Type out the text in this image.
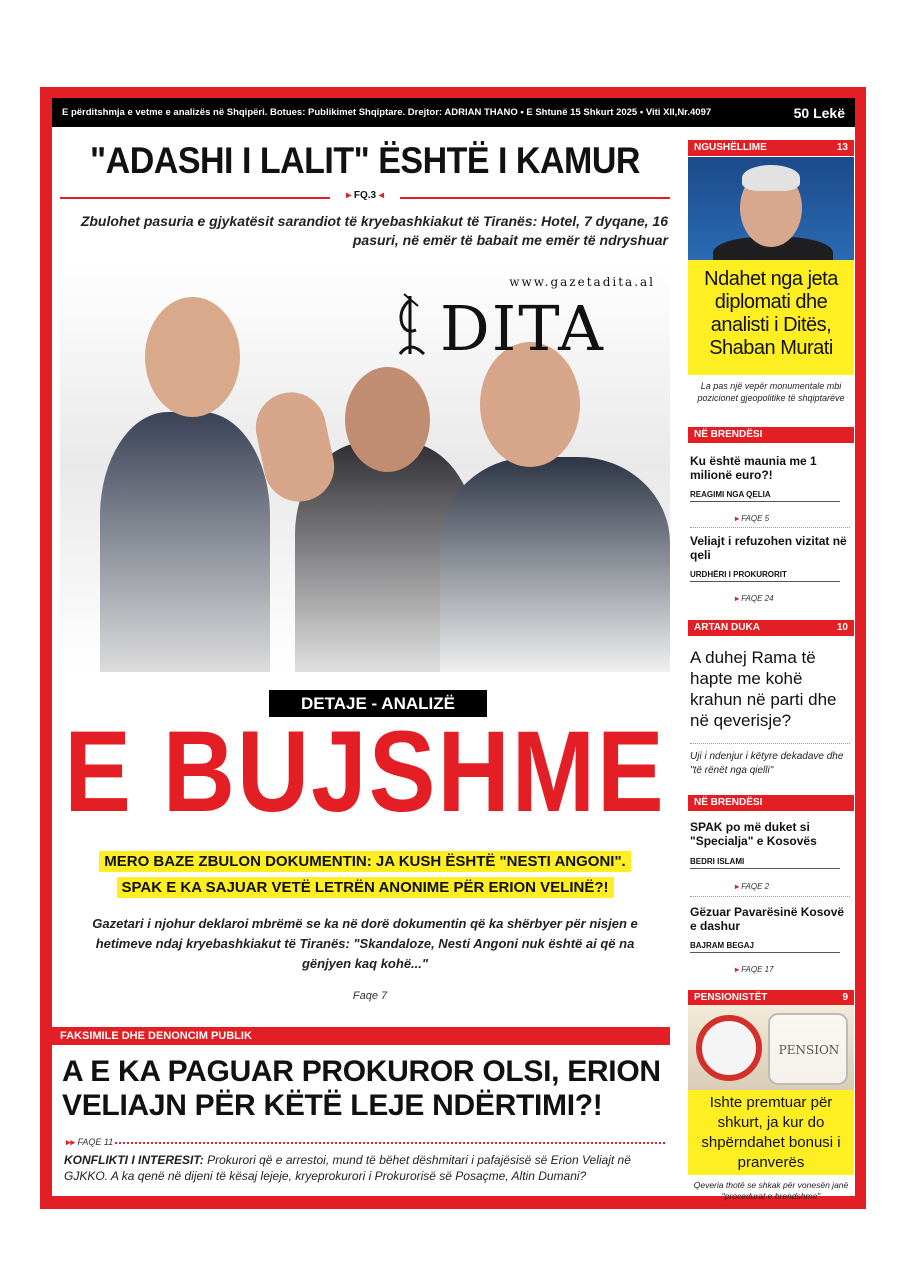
E përditshmja e vetme e analizës në Shqipëri. Botues: Publikimet Shqiptare. Drejtor: ADRIAN THANO • E Shtunë 15 Shkurt 2025 • Viti XII,Nr.4097	50 Lekë
"ADASHI I LALIT" ËSHTË I KAMUR
▸ FQ.3 ◂
Zbulohet pasuria e gjykatësit sarandiot të kryebashkiakut të Tiranës: Hotel, 7 dyqane, 16 pasuri, në emër të babait me emër të ndryshuar
www.gazetadita.al
DITA
DETAJE - ANALIZË
E BUJSHME
MERO BAZE ZBULON DOKUMENTIN: JA KUSH ËSHTË "NESTI ANGONI".
SPAK E KA SAJUAR VETË LETRËN ANONIME PËR ERION VELINË?!
Gazetari i njohur deklaroi mbrëmë se ka në dorë dokumentin që ka shërbyer për nisjen e hetimeve ndaj kryebashkiakut të Tiranës: "Skandaloze, Nesti Angoni nuk është ai që na gënjyen kaq kohë..."
Faqe 7
FAKSIMILE DHE DENONCIM PUBLIK
A E KA PAGUAR PROKUROR OLSI, ERION VELIAJN PËR KËTË LEJE NDËRTIMI?!
▸▸ FAQE 11
KONFLIKTI I INTERESIT: Prokurori që e arrestoi, mund të bëhet dëshmitari i pafajësisë së Erion Veliajt në GJKKO. A ka qenë në dijeni të kësaj lejeje, kryeprokurori i Prokurorisë së Posaçme, Altin Dumani?
NGUSHËLLIME	13
Ndahet nga jeta diplomati dhe analisti i Ditës, Shaban Murati
La pas një vepër monumentale mbi pozicionet gjeopolitike të shqiptarëve
NË BRENDËSI
Ku është maunia me 1 milionë euro?!
REAGIMI NGA QELIA
▸ FAQE 5
Veliajt i refuzohen vizitat në qeli
URDHËRI I PROKURORIT
▸ FAQE 24
ARTAN DUKA	10
A duhej Rama të hapte me kohë krahun në parti dhe në qeverisje?
Uji i ndenjur i këtyre dekadave dhe "të rënët nga qielli"
NË BRENDËSI
SPAK po më duket si "Specialja" e Kosovës
BEDRI ISLAMI
▸ FAQE 2
Gëzuar Pavarësinë Kosovë e dashur
BAJRAM BEGAJ
▸ FAQE 17
PENSIONISTËT	9
PENSION
Ishte premtuar për shkurt, ja kur do shpërndahet bonusi i pranverës
Qeveria thotë se shkak për vonesën janë "procedurat e brendshme"
